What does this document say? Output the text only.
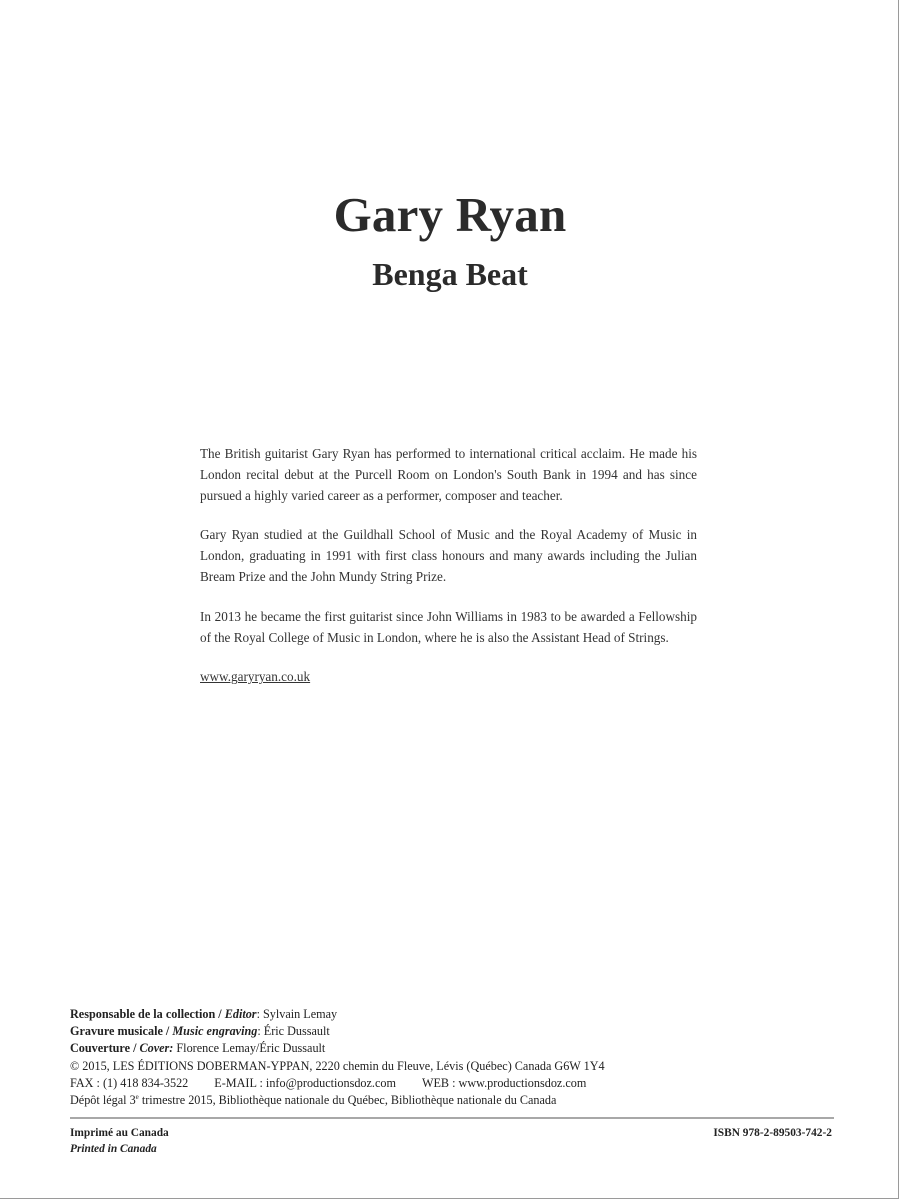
Gary Ryan
Benga Beat

The British guitarist Gary Ryan has performed to international critical acclaim. He made his London recital debut at the Purcell Room on London's South Bank in 1994 and has since pursued a highly varied career as a performer, composer and teacher.

Gary Ryan studied at the Guildhall School of Music and the Royal Academy of Music in London, graduating in 1991 with first class honours and many awards including the Julian Bream Prize and the John Mundy String Prize.

In 2013 he became the first guitarist since John Williams in 1983 to be awarded a Fellowship of the Royal College of Music in London, where he is also the Assistant Head of Strings.

www.garyryan.co.uk

Responsable de la collection / Editor: Sylvain Lemay
Gravure musicale / Music engraving: Éric Dussault
Couverture / Cover: Florence Lemay/Éric Dussault
© 2015, LES ÉDITIONS DOBERMAN-YPPAN, 2220 chemin du Fleuve, Lévis (Québec) Canada G6W 1Y4
FAX : (1) 418 834-3522 E-MAIL : info@productionsdoz.com WEB : www.productionsdoz.com
Dépôt légal 3e trimestre 2015, Bibliothèque nationale du Québec, Bibliothèque nationale du Canada
Imprimé au Canada
Printed in Canada
ISBN 978-2-89503-742-2
